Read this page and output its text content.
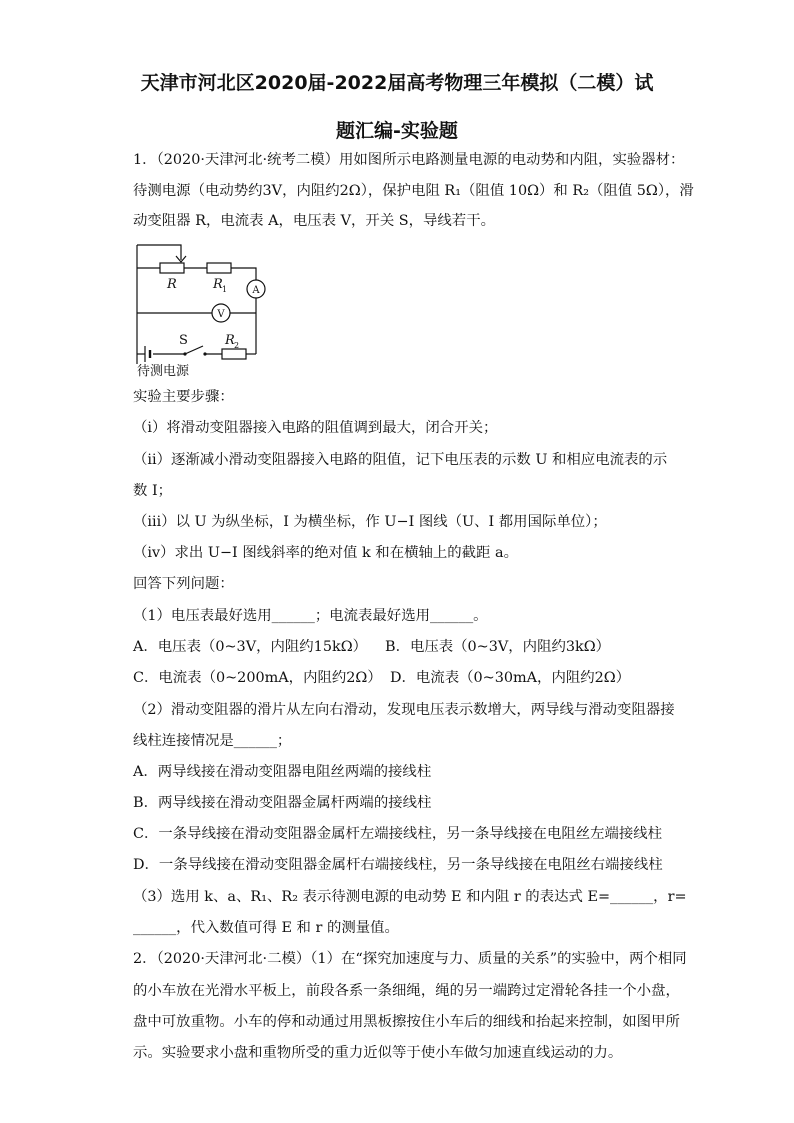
天津市河北区2020届-2022届高考物理三年模拟（二模）试
题汇编-实验题
1．（2020·天津河北·统考二模）用如图所示电路测量电源的电动势和内阻，实验器材：
待测电源（电动势约3V，内阻约2Ω），保护电阻 R₁（阻值 10Ω）和 R₂（阻值 5Ω），滑
动变阻器 R，电流表 A，电压表 V，开关 S，导线若干。
R	R 1	A
V
S	R 2
待测电源
实验主要步骤：
（ⅰ）将滑动变阻器接入电路的阻值调到最大，闭合开关；
（ⅱ）逐渐减小滑动变阻器接入电路的阻值，记下电压表的示数 U 和相应电流表的示
数 I；
（ⅲ）以 U 为纵坐标，I 为横坐标，作 U−I 图线（U、I 都用国际单位）；
（ⅳ）求出 U−I 图线斜率的绝对值 k 和在横轴上的截距 a。
回答下列问题：
（1）电压表最好选用______；电流表最好选用______。
A．电压表（0~3V，内阻约15kΩ） B．电压表（0~3V，内阻约3kΩ）
C．电流表（0~200mA，内阻约2Ω） D．电流表（0~30mA，内阻约2Ω）
（2）滑动变阻器的滑片从左向右滑动，发现电压表示数增大，两导线与滑动变阻器接
线柱连接情况是______；
A．两导线接在滑动变阻器电阻丝两端的接线柱
B．两导线接在滑动变阻器金属杆两端的接线柱
C．一条导线接在滑动变阻器金属杆左端接线柱，另一条导线接在电阻丝左端接线柱
D．一条导线接在滑动变阻器金属杆右端接线柱，另一条导线接在电阻丝右端接线柱
（3）选用 k、a、R₁、R₂ 表示待测电源的电动势 E 和内阻 r 的表达式 E=______，r=
______，代入数值可得 E 和 r 的测量值。
2．（2020·天津河北·二模）（1）在“探究加速度与力、质量的关系”的实验中，两个相同
的小车放在光滑水平板上，前段各系一条细绳，绳的另一端跨过定滑轮各挂一个小盘，
盘中可放重物。小车的停和动通过用黑板擦按住小车后的细线和抬起来控制，如图甲所
示。实验要求小盘和重物所受的重力近似等于使小车做匀加速直线运动的力。
